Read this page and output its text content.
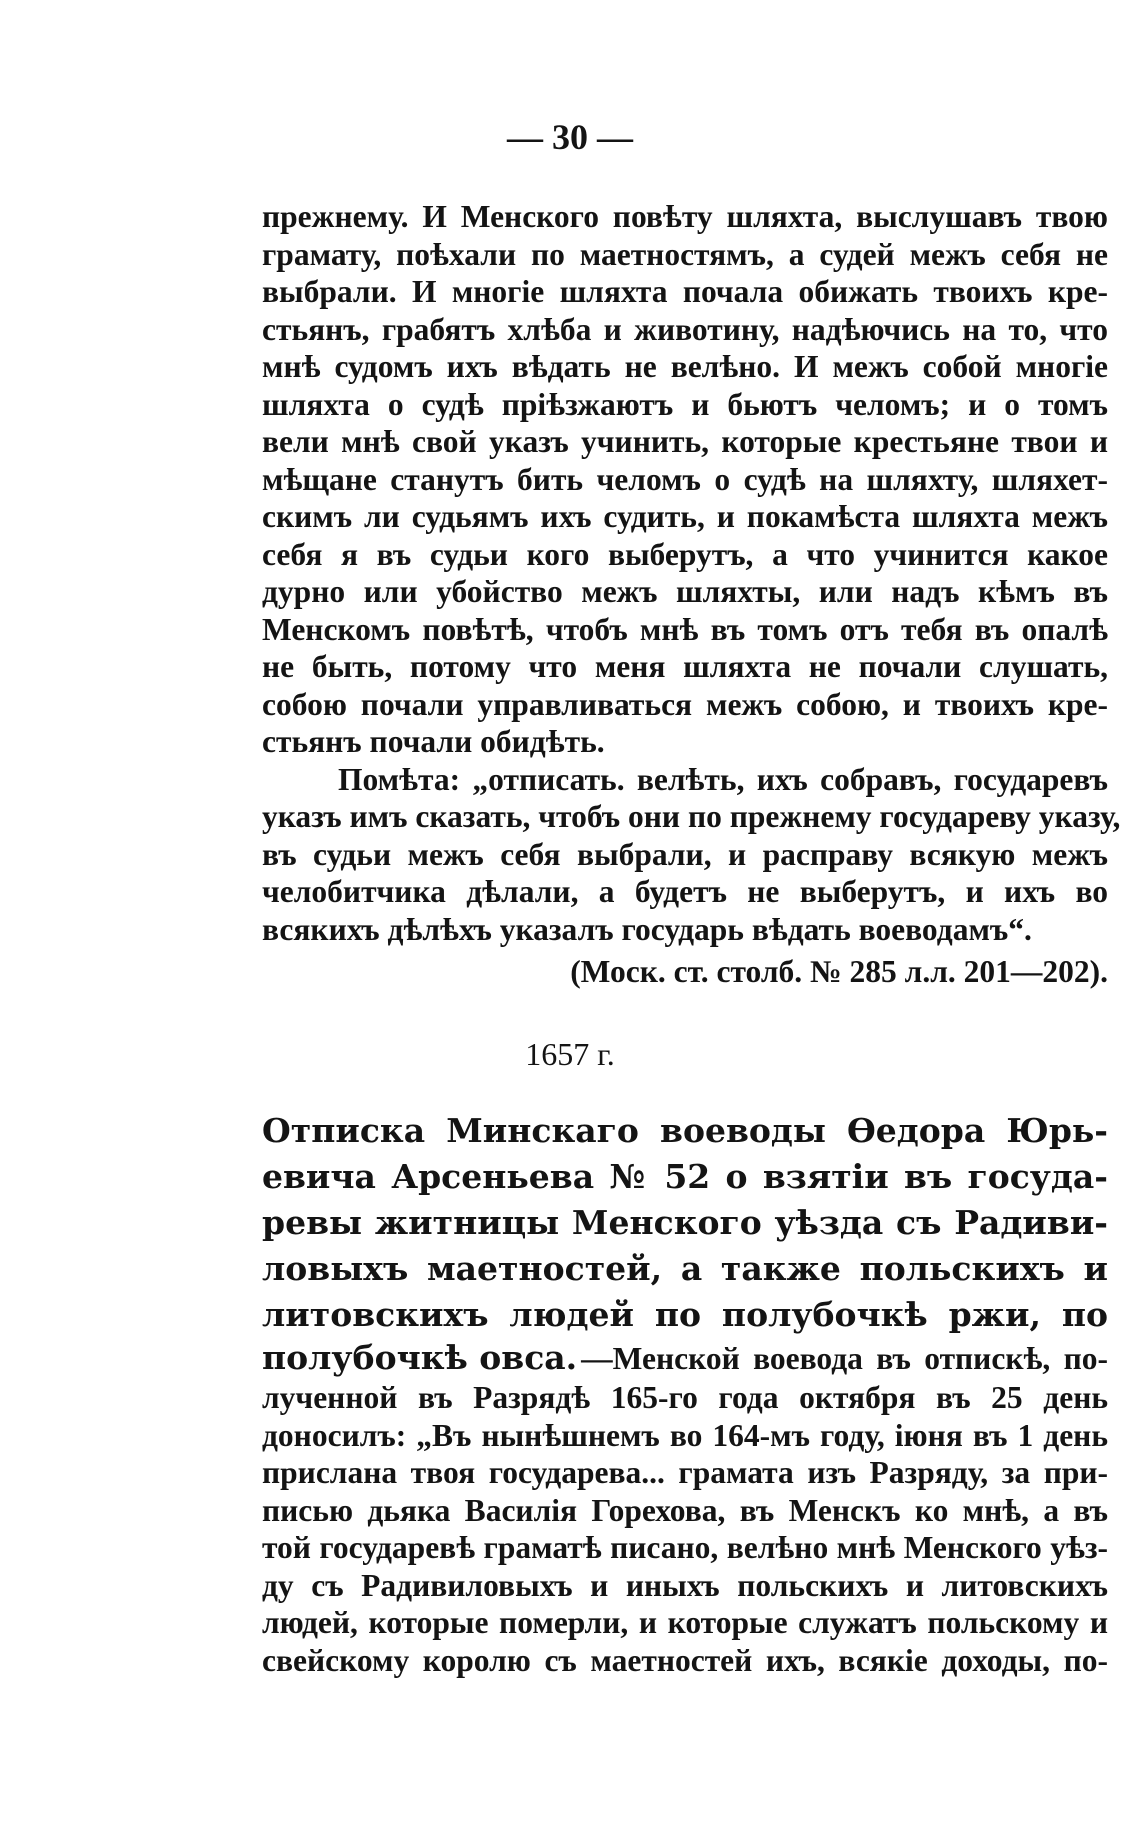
— 30 —
прежнему. И Менского повѣту шляхта, выслушавъ твою
грамату, поѣхали по маетностямъ, а судей межъ себя не
выбрали. И многіе шляхта почала обижать твоихъ кре-
стьянъ, грабятъ хлѣба и животину, надѣючись на то, что
мнѣ судомъ ихъ вѣдать не велѣно. И межъ собой многіе
шляхта о судѣ пріѣзжаютъ и бьютъ челомъ; и о томъ
вели мнѣ свой указъ учинить, которые крестьяне твои и
мѣщане станутъ бить челомъ о судѣ на шляхту, шляхет-
скимъ ли судьямъ ихъ судить, и покамѣста шляхта межъ
себя я въ судьи кого выберутъ, а что учинится какое
дурно или убойство межъ шляхты, или надъ кѣмъ въ
Менскомъ повѣтѣ, чтобъ мнѣ въ томъ отъ тебя въ опалѣ
не быть, потому что меня шляхта не почали слушать,
собою почали управливаться межъ собою, и твоихъ кре-
стьянъ почали обидѣть.
Помѣта: „отписать. велѣть, ихъ собравъ, государевъ
указъ имъ сказать, чтобъ они по прежнему государеву указу,
въ судьи межъ себя выбрали, и расправу всякую межъ
челобитчика дѣлали, а будетъ не выберутъ, и ихъ во
всякихъ дѣлѣхъ указалъ государь вѣдать воеводамъ“.
(Моск. ст. столб. № 285 л.л. 201—202).
1657 г.
Отписка Минскаго воеводы Ѳедора Юрь-
евича Арсеньева № 52 о взятіи въ госуда-
ревы житницы Менского уѣзда съ Радиви-
ловыхъ маетностей, а также польскихъ и
литовскихъ людей по полубочкѣ ржи, по
полубочкѣ овса. —Менской воевода въ отпискѣ, по-
лученной въ Разрядѣ 165-го года октября въ 25 день
доносилъ: „Въ нынѣшнемъ во 164-мъ году, іюня въ 1 день
прислана твоя государева... грамата изъ Разряду, за при-
писью дьяка Василія Горехова, въ Менскъ ко мнѣ, а въ
той государевѣ граматѣ писано, велѣно мнѣ Менского уѣз-
ду съ Радивиловыхъ и иныхъ польскихъ и литовскихъ
людей, которые померли, и которые служатъ польскому и
свейскому королю съ маетностей ихъ, всякіе доходы, по-
